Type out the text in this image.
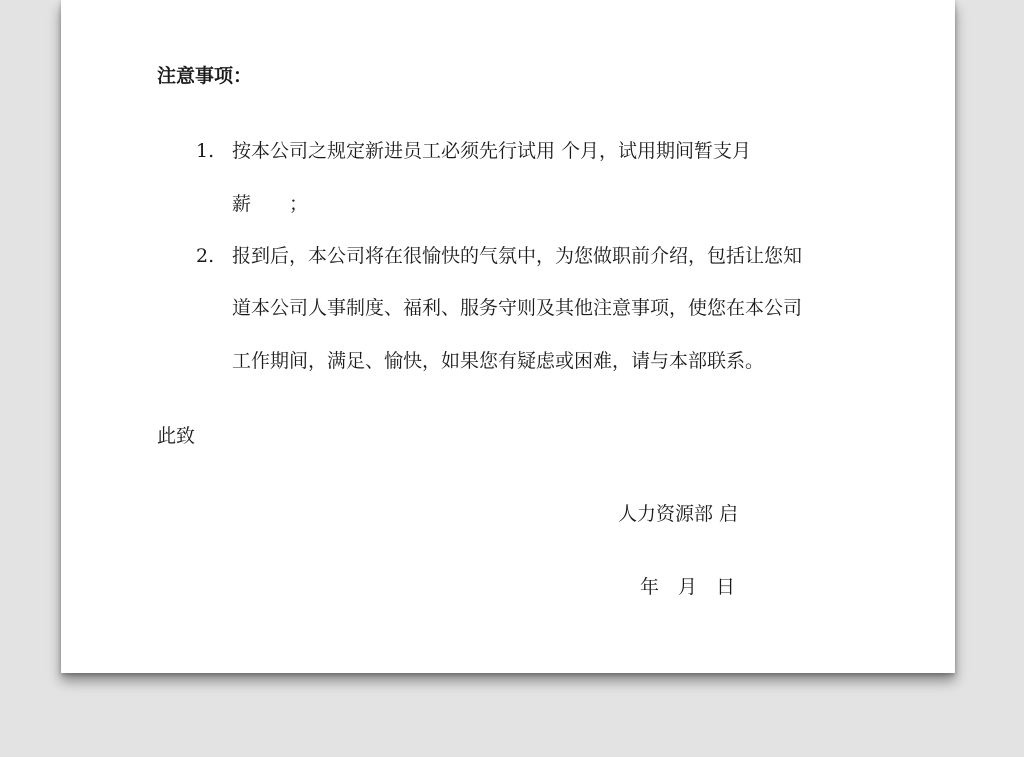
注意事项：
1. 按本公司之规定新进员工必须先行试用 个月，试用期间暂支月
薪　　；
2. 报到后，本公司将在很愉快的气氛中，为您做职前介绍，包括让您知
道本公司人事制度、福利、服务守则及其他注意事项，使您在本公司
工作期间，满足、愉快，如果您有疑虑或困难，请与本部联系。
此致
人力资源部 启
年　月　日
